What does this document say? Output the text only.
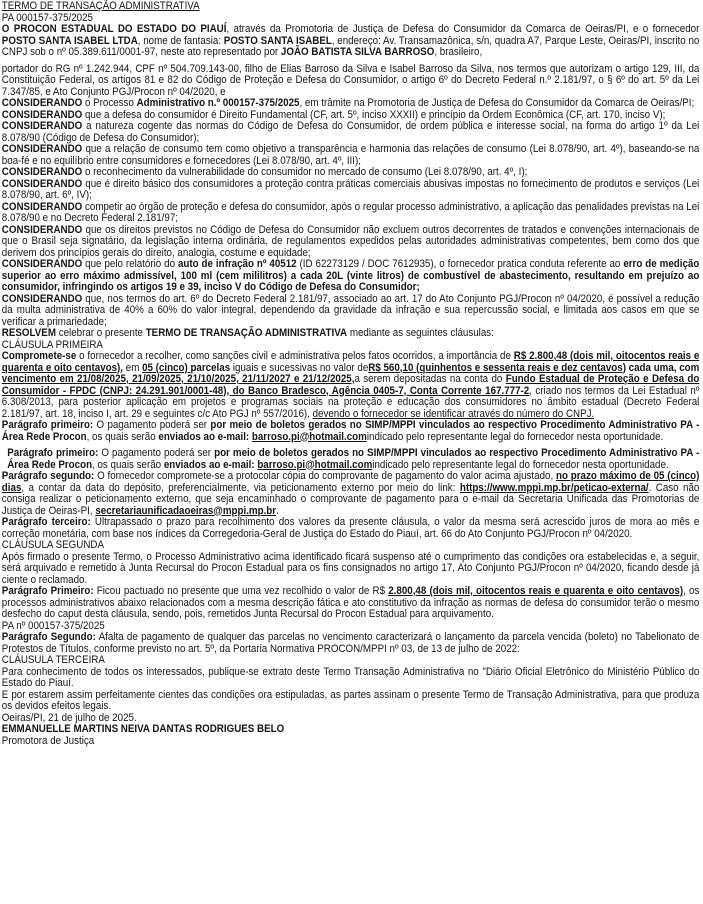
TERMO DE TRANSAÇÃO ADMINISTRATIVA

PA 000157-375/2025

O PROCON ESTADUAL DO ESTADO DO PIAUÍ, através da Promotoria de Justiça de Defesa do Consumidor da Comarca de Oeiras/PI, e o fornecedor POSTO SANTA ISABEL LTDA, nome de fantasia: POSTO SANTA ISABEL, endereço: Av. Transamazônica, s/n, quadra A7, Parque Leste, Oeiras/PI, inscrito no CNPJ sob o nº 05.389.611/0001-97, neste ato representado por JOÃO BATISTA SILVA BARROSO, brasileiro,

portador do RG nº 1.242.944, CPF nº 504.709.143-00, filho de Elias Barroso da Silva e Isabel Barroso da Silva, nos termos que autorizam o artigo 129, III, da Constituição Federal, os artigos 81 e 82 do Código de Proteção e Defesa do Consumidor, o artigo 6º do Decreto Federal n.º 2.181/97, o § 6º do art. 5º da Lei 7.347/85, e Ato Conjunto PGJ/Procon nº 04/2020, e

CONSIDERANDO o Processo Administrativo n.º 000157-375/2025, em trâmite na Promotoria de Justiça de Defesa do Consumidor da Comarca de Oeiras/PI;

CONSIDERANDO que a defesa do consumidor é Direito Fundamental (CF, art. 5º, inciso XXXII) e princípio da Ordem Econômica (CF, art. 170, inciso V);

CONSIDERANDO a natureza cogente das normas do Código de Defesa do Consumidor, de ordem pública e interesse social, na forma do artigo 1º da Lei 8.078/90 (Código de Defesa do Consumidor);

CONSIDERANDO que a relação de consumo tem como objetivo a transparência e harmonia das relações de consumo (Lei 8.078/90, art. 4º), baseando-se na boa-fé e no equilíbrio entre consumidores e fornecedores (Lei 8.078/90, art. 4º, III);

CONSIDERANDO o reconhecimento da vulnerabilidade do consumidor no mercado de consumo (Lei 8.078/90, art. 4º, I);

CONSIDERANDO que é direito básico dos consumidores a proteção contra práticas comerciais abusivas impostas no fornecimento de produtos e serviços (Lei 8.078/90, art. 6º, IV);

CONSIDERANDO competir ao órgão de proteção e defesa do consumidor, após o regular processo administrativo, a aplicação das penalidades previstas na Lei 8.078/90 e no Decreto Federal 2.181/97;

CONSIDERANDO que os direitos previstos no Código de Defesa do Consumidor não excluem outros decorrentes de tratados e convenções internacionais de que o Brasil seja signatário, da legislação interna ordinária, de regulamentos expedidos pelas autoridades administrativas competentes, bem como dos que derivem dos princípios gerais do direito, analogia, costume e equidade;

CONSIDERANDO que pelo relatório do auto de infração nº 40512 (ID 62273129 / DOC 7612935), o fornecedor pratica conduta referente ao erro de medição superior ao erro máximo admissível, 100 ml (cem mililitros) a cada 20L (vinte litros) de combustível de abastecimento, resultando em prejuízo ao consumidor, infringindo os artigos 19 e 39, inciso V do Código de Defesa do Consumidor;

CONSIDERANDO que, nos termos do art. 6º do Decreto Federal 2.181/97, associado ao art. 17 do Ato Conjunto PGJ/Procon nº 04/2020, é possível a redução da multa administrativa de 40% a 60% do valor integral, dependendo da gravidade da infração e sua repercussão social, e limitada aos casos em que se verificar a primariedade;

RESOLVEM celebrar o presente TERMO DE TRANSAÇÃO ADMINISTRATIVA mediante as seguintes cláusulas:

CLÁUSULA PRIMEIRA

Compromete-se o fornecedor a recolher, como sanções civil e administrativa pelos fatos ocorridos, a importância de R$ 2.800,48 (dois mil, oitocentos reais e quarenta e oito centavos), em 05 (cinco) parcelas iguais e sucessivas no valor deR$ 560,10 (quinhentos e sessenta reais e dez centavos) cada uma, com vencimento em 21/08/2025, 21/09/2025, 21/10/2025, 21/11/2027 e 21/12/2025,a serem depositadas na conta do Fundo Estadual de Proteção e Defesa do Consumidor - FPDC (CNPJ: 24.291.901/0001-48), do Banco Bradesco, Agência 0405-7, Conta Corrente 167.777-2, criado nos termos da Lei Estadual nº 6.308/2013, para posterior aplicação em projetos e programas sociais na proteção e educação dos consumidores no âmbito estadual (Decreto Federal 2.181/97, art. 18, inciso I, art. 29 e seguintes c/c Ato PGJ nº 557/2016), devendo o fornecedor se identificar através do número do CNPJ.

Parágrafo primeiro: O pagamento poderá ser por meio de boletos gerados no SIMP/MPPI vinculados ao respectivo Procedimento Administrativo PA - Área Rede Procon, os quais serão enviados ao e-mail: barroso.pi@hotmail.comindicado pelo representante legal do fornecedor nesta oportunidade.

Parágrafo primeiro: O pagamento poderá ser por meio de boletos gerados no SIMP/MPPI vinculados ao respectivo Procedimento Administrativo PA - Área Rede Procon, os quais serão enviados ao e-mail: barroso.pi@hotmail.comindicado pelo representante legal do fornecedor nesta oportunidade.

Parágrafo segundo: O fornecedor compromete-se a protocolar cópia do comprovante de pagamento do valor acima ajustado, no prazo máximo de 05 (cinco) dias, a contar da data do depósito, preferencialmente, via peticionamento externo por meio do link: https://www.mppi.mp.br/peticao-externa/. Caso não consiga realizar o peticionamento externo, que seja encaminhado o comprovante de pagamento para o e-mail da Secretaria Unificada das Promotorias de Justiça de Oeiras-PI, secretariaunificadaoeiras@mppi.mp.br.

Parágrafo terceiro: Ultrapassado o prazo para recolhimento dos valores da presente cláusula, o valor da mesma será acrescido juros de mora ao mês e correção monetária, com base nos índices da Corregedoria-Geral de Justiça do Estado do Piauí, art. 66 do Ato Conjunto PGJ/Procon nº 04/2020.

CLÁUSULA SEGUNDA

Após firmado o presente Termo, o Processo Administrativo acima identificado ficará suspenso até o cumprimento das condições ora estabelecidas e, a seguir, será arquivado e remetido à Junta Recursal do Procon Estadual para os fins consignados no artigo 17, Ato Conjunto PGJ/Procon nº 04/2020, ficando desde já ciente o reclamado.

Parágrafo Primeiro: Ficou pactuado no presente que uma vez recolhido o valor de R$ 2.800,48 (dois mil, oitocentos reais e quarenta e oito centavos), os processos administrativos abaixo relacionados com a mesma descrição fática e ato constitutivo da infração as normas de defesa do consumidor terão o mesmo desfecho do caput desta cláusula, sendo, pois, remetidos Junta Recursal do Procon Estadual para arquivamento.

PA nº 000157-375/2025

Parágrafo Segundo: Afalta de pagamento de qualquer das parcelas no vencimento caracterizará o lançamento da parcela vencida (boleto) no Tabelionato de Protestos de Títulos, conforme previsto no art. 5º, da Portaria Normativa PROCON/MPPI nº 03, de 13 de julho de 2022:

CLÁUSULA TERCEIRA

Para conhecimento de todos os interessados, publique-se extrato deste Termo Transação Administrativa no "Diário Oficial Eletrônico do Ministério Público do Estado do Piauí.

E por estarem assim perfeitamente cientes das condições ora estipuladas, as partes assinam o presente Termo de Transação Administrativa, para que produza os devidos efeitos legais.

Oeiras/PI, 21 de julho de 2025.

EMMANUELLE MARTINS NEIVA DANTAS RODRIGUES BELO

Promotora de Justiça
